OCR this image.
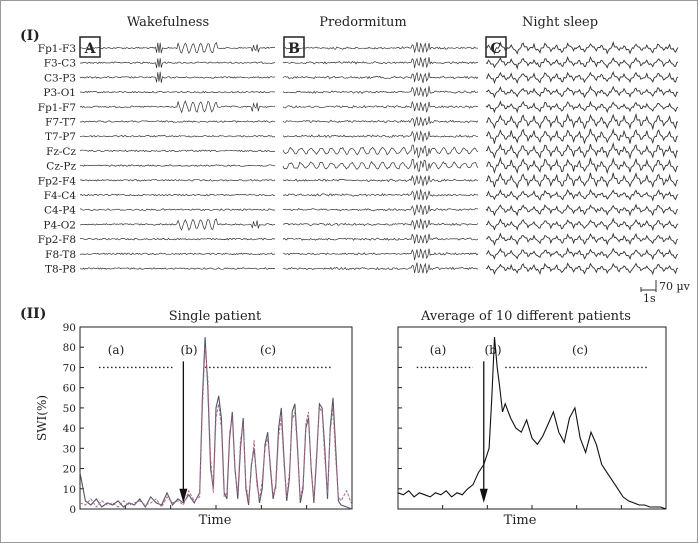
(I)
Wakefulness	Predormitum	Night sleep
A	B	C
Fp1-F3
F3-C3
C3-P3
P3-O1
Fp1-F7
F7-T7
T7-P7
Fz-Cz
Cz-Pz
Fp2-F4
F4-C4
C4-P4
P4-O2
Fp2-F8
F8-T8
T8-P8
1s
70 µv
(II)	Single patient
SWI(%)
Time
(a)	(b)	(c)
0
10
20
30
40
50
60
70
80
90
Average of 10 different patients
Time
(a)	(b)	(c)
